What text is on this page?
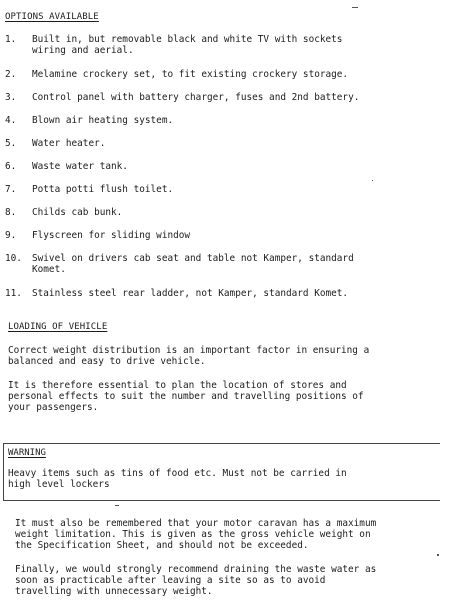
OPTIONS AVAILABLE
1. Built in, but removable black and white TV with sockets
wiring and aerial.
2. Melamine crockery set, to fit existing crockery storage.
3. Control panel with battery charger, fuses and 2nd battery.
4. Blown air heating system.
5. Water heater.
6. Waste water tank.
7. Potta potti flush toilet.
8. Childs cab bunk.
9. Flyscreen for sliding window
10. Swivel on drivers cab seat and table not Kamper, standard
Komet.
11. Stainless steel rear ladder, not Kamper, standard Komet.
LOADING OF VEHICLE
Correct weight distribution is an important factor in ensuring a
balanced and easy to drive vehicle.
It is therefore essential to plan the location of stores and
personal effects to suit the number and travelling positions of
your passengers.
WARNING
Heavy items such as tins of food etc. Must not be carried in
high level lockers
It must also be remembered that your motor caravan has a maximum
weight limitation. This is given as the gross vehicle weight on
the Specification Sheet, and should not be exceeded.
Finally, we would strongly recommend draining the waste water as
soon as practicable after leaving a site so as to avoid
travelling with unnecessary weight.
